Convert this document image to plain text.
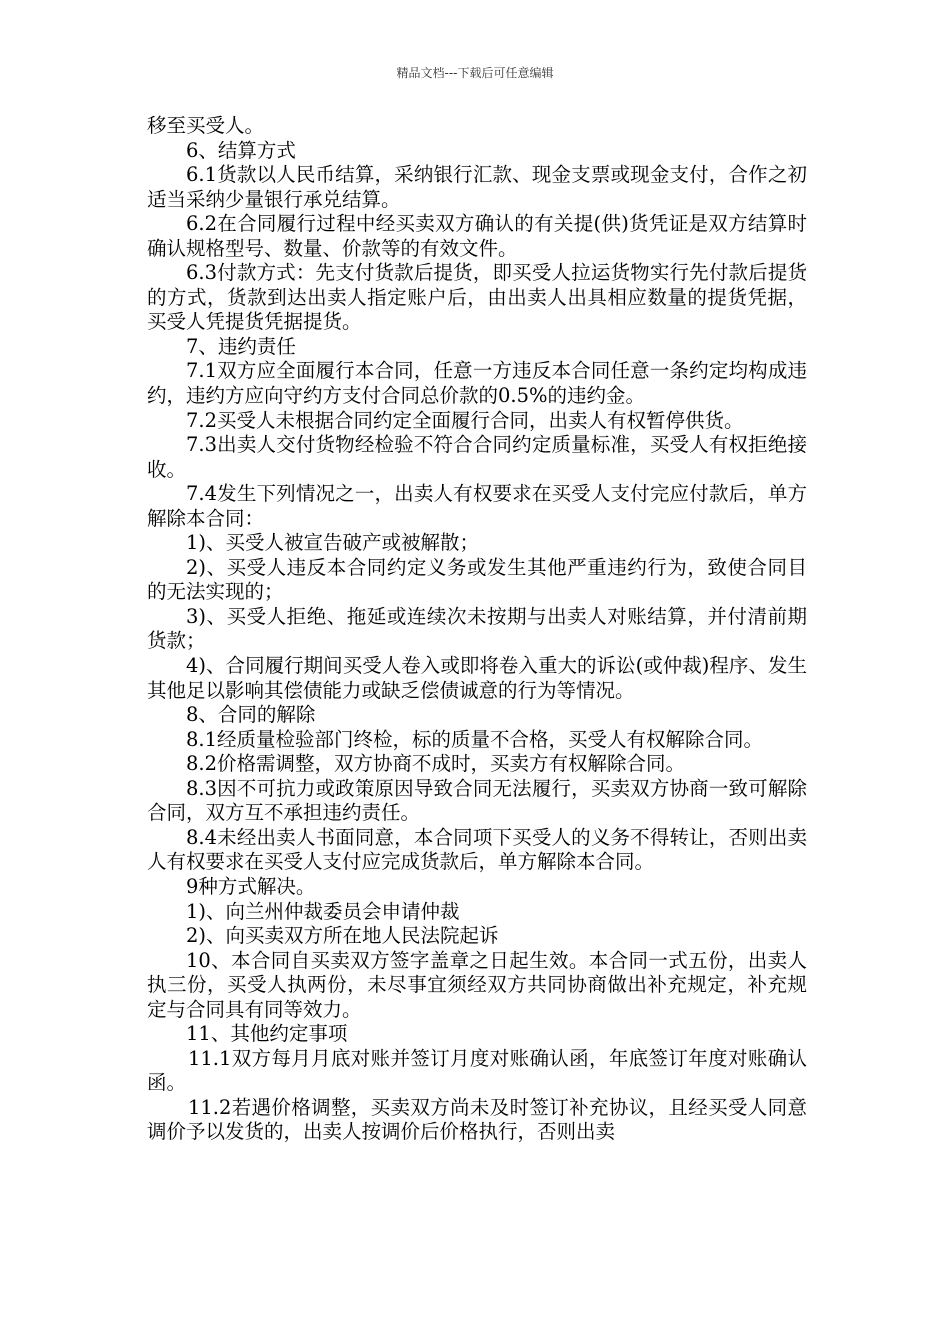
精品文档---下载后可任意编辑

移至买受人。

6、结算方式

6.1货款以人民币结算，采纳银行汇款、现金支票或现金支付，合作之初适当采纳少量银行承兑结算。

6.2在合同履行过程中经买卖双方确认的有关提(供)货凭证是双方结算时确认规格型号、数量、价款等的有效文件。

6.3付款方式：先支付货款后提货，即买受人拉运货物实行先付款后提货的方式，货款到达出卖人指定账户后，由出卖人出具相应数量的提货凭据，买受人凭提货凭据提货。

7、违约责任

7.1双方应全面履行本合同，任意一方违反本合同任意一条约定均构成违约，违约方应向守约方支付合同总价款的0.5%的违约金。

7.2买受人未根据合同约定全面履行合同，出卖人有权暂停供货。

7.3出卖人交付货物经检验不符合合同约定质量标准，买受人有权拒绝接收。

7.4发生下列情况之一，出卖人有权要求在买受人支付完应付款后，单方解除本合同：

1)、买受人被宣告破产或被解散；

2)、买受人违反本合同约定义务或发生其他严重违约行为，致使合同目的无法实现的；

3)、买受人拒绝、拖延或连续次未按期与出卖人对账结算，并付清前期货款；

4)、合同履行期间买受人卷入或即将卷入重大的诉讼(或仲裁)程序、发生其他足以影响其偿债能力或缺乏偿债诚意的行为等情况。

8、合同的解除

8.1经质量检验部门终检，标的质量不合格，买受人有权解除合同。

8.2价格需调整，双方协商不成时，买卖方有权解除合同。

8.3因不可抗力或政策原因导致合同无法履行，买卖双方协商一致可解除合同，双方互不承担违约责任。

8.4未经出卖人书面同意，本合同项下买受人的义务不得转让，否则出卖人有权要求在买受人支付应完成货款后，单方解除本合同。

9种方式解决。

1)、向兰州仲裁委员会申请仲裁

2)、向买卖双方所在地人民法院起诉

10、本合同自买卖双方签字盖章之日起生效。本合同一式五份，出卖人执三份，买受人执两份，未尽事宜须经双方共同协商做出补充规定，补充规定与合同具有同等效力。

11、其他约定事项

11.1双方每月月底对账并签订月度对账确认函，年底签订年度对账确认函。

11.2若遇价格调整，买卖双方尚未及时签订补充协议，且经买受人同意调价予以发货的，出卖人按调价后价格执行，否则出卖
